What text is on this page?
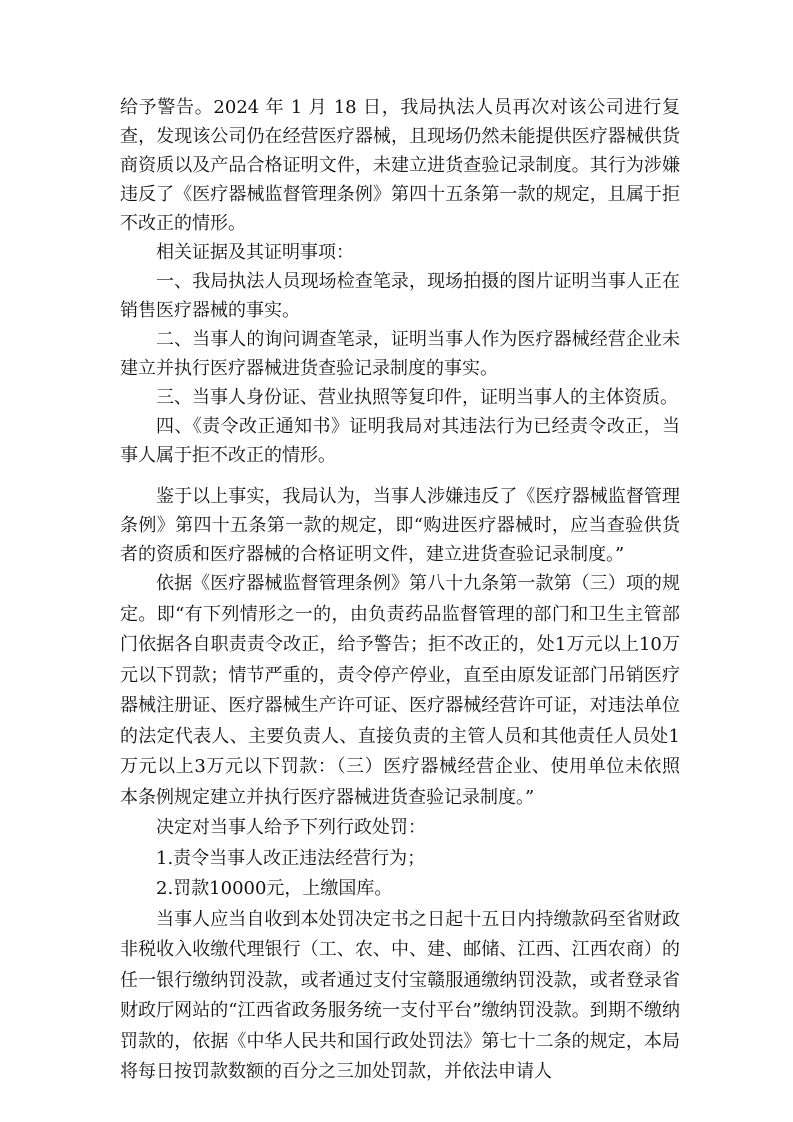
给予警告。2024 年 1 月 18 日，我局执法人员再次对该公司进行复查，发现该公司仍在经营医疗器械，且现场仍然未能提供医疗器械供货商资质以及产品合格证明文件，未建立进货查验记录制度。其行为涉嫌违反了《医疗器械监督管理条例》第四十五条第一款的规定，且属于拒不改正的情形。

相关证据及其证明事项：

一、我局执法人员现场检查笔录，现场拍摄的图片证明当事人正在销售医疗器械的事实。

二、当事人的询问调查笔录，证明当事人作为医疗器械经营企业未建立并执行医疗器械进货查验记录制度的事实。

三、当事人身份证、营业执照等复印件，证明当事人的主体资质。

四、《责令改正通知书》证明我局对其违法行为已经责令改正，当事人属于拒不改正的情形。

鉴于以上事实，我局认为，当事人涉嫌违反了《医疗器械监督管理条例》第四十五条第一款的规定，即“购进医疗器械时，应当查验供货者的资质和医疗器械的合格证明文件，建立进货查验记录制度。”

依据《医疗器械监督管理条例》第八十九条第一款第（三）项的规定。即“有下列情形之一的，由负责药品监督管理的部门和卫生主管部门依据各自职责责令改正，给予警告；拒不改正的，处1万元以上10万元以下罚款；情节严重的，责令停产停业，直至由原发证部门吊销医疗器械注册证、医疗器械生产许可证、医疗器械经营许可证，对违法单位的法定代表人、主要负责人、直接负责的主管人员和其他责任人员处1万元以上3万元以下罚款：（三）医疗器械经营企业、使用单位未依照本条例规定建立并执行医疗器械进货查验记录制度。”

决定对当事人给予下列行政处罚：

1.责令当事人改正违法经营行为；

2.罚款10000元，上缴国库。

当事人应当自收到本处罚决定书之日起十五日内持缴款码至省财政非税收入收缴代理银行（工、农、中、建、邮储、江西、江西农商）的任一银行缴纳罚没款，或者通过支付宝赣服通缴纳罚没款，或者登录省财政厅网站的“江西省政务服务统一支付平台”缴纳罚没款。到期不缴纳罚款的，依据《中华人民共和国行政处罚法》第七十二条的规定，本局将每日按罚款数额的百分之三加处罚款，并依法申请人
